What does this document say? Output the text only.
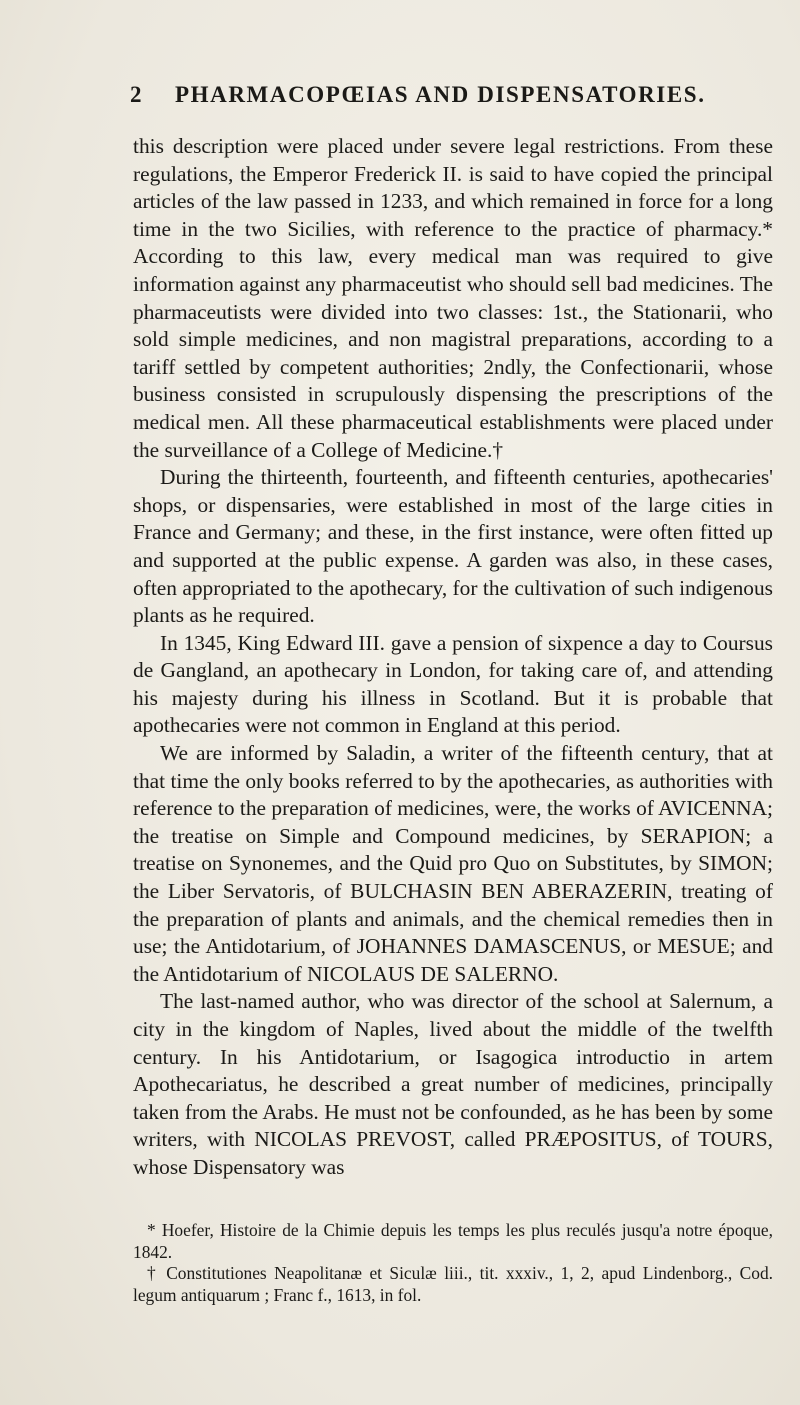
2 PHARMACOPŒIAS AND DISPENSATORIES.

this description were placed under severe legal restrictions. From these regulations, the Emperor Frederick II. is said to have copied the principal articles of the law passed in 1233, and which remained in force for a long time in the two Sicilies, with reference to the practice of pharmacy.* According to this law, every medical man was required to give information against any pharmaceutist who should sell bad medicines. The pharmaceutists were divided into two classes: 1st., the Stationarii, who sold simple medicines, and non magistral preparations, according to a tariff settled by competent authorities; 2ndly, the Confectionarii, whose business consisted in scrupulously dispensing the prescriptions of the medical men. All these pharmaceutical establishments were placed under the surveillance of a College of Medicine.†

During the thirteenth, fourteenth, and fifteenth centuries, apothecaries' shops, or dispensaries, were established in most of the large cities in France and Germany; and these, in the first instance, were often fitted up and supported at the public expense. A garden was also, in these cases, often appropriated to the apothecary, for the cultivation of such indigenous plants as he required.

In 1345, King Edward III. gave a pension of sixpence a day to Coursus de Gangland, an apothecary in London, for taking care of, and attending his majesty during his illness in Scotland. But it is probable that apothecaries were not common in England at this period.

We are informed by Saladin, a writer of the fifteenth century, that at that time the only books referred to by the apothecaries, as authorities with reference to the preparation of medicines, were, the works of AVICENNA; the treatise on Simple and Compound medicines, by SERAPION; a treatise on Synonemes, and the Quid pro Quo on Substitutes, by SIMON; the Liber Servatoris, of BULCHASIN BEN ABERAZERIN, treating of the preparation of plants and animals, and the chemical remedies then in use; the Antidotarium, of JOHANNES DAMASCENUS, or MESUE; and the Antidotarium of NICOLAUS DE SALERNO.

The last-named author, who was director of the school at Salernum, a city in the kingdom of Naples, lived about the middle of the twelfth century. In his Antidotarium, or Isagogica introductio in artem Apothecariatus, he described a great number of medicines, principally taken from the Arabs. He must not be confounded, as he has been by some writers, with NICOLAS PREVOST, called PRÆPOSITUS, of TOURS, whose Dispensatory was

* Hoefer, Histoire de la Chimie depuis les temps les plus reculés jusqu'a notre époque, 1842.

† Constitutiones Neapolitanæ et Siculæ liii., tit. xxxiv., 1, 2, apud Lindenborg., Cod. legum antiquarum ; Franc f., 1613, in fol.
